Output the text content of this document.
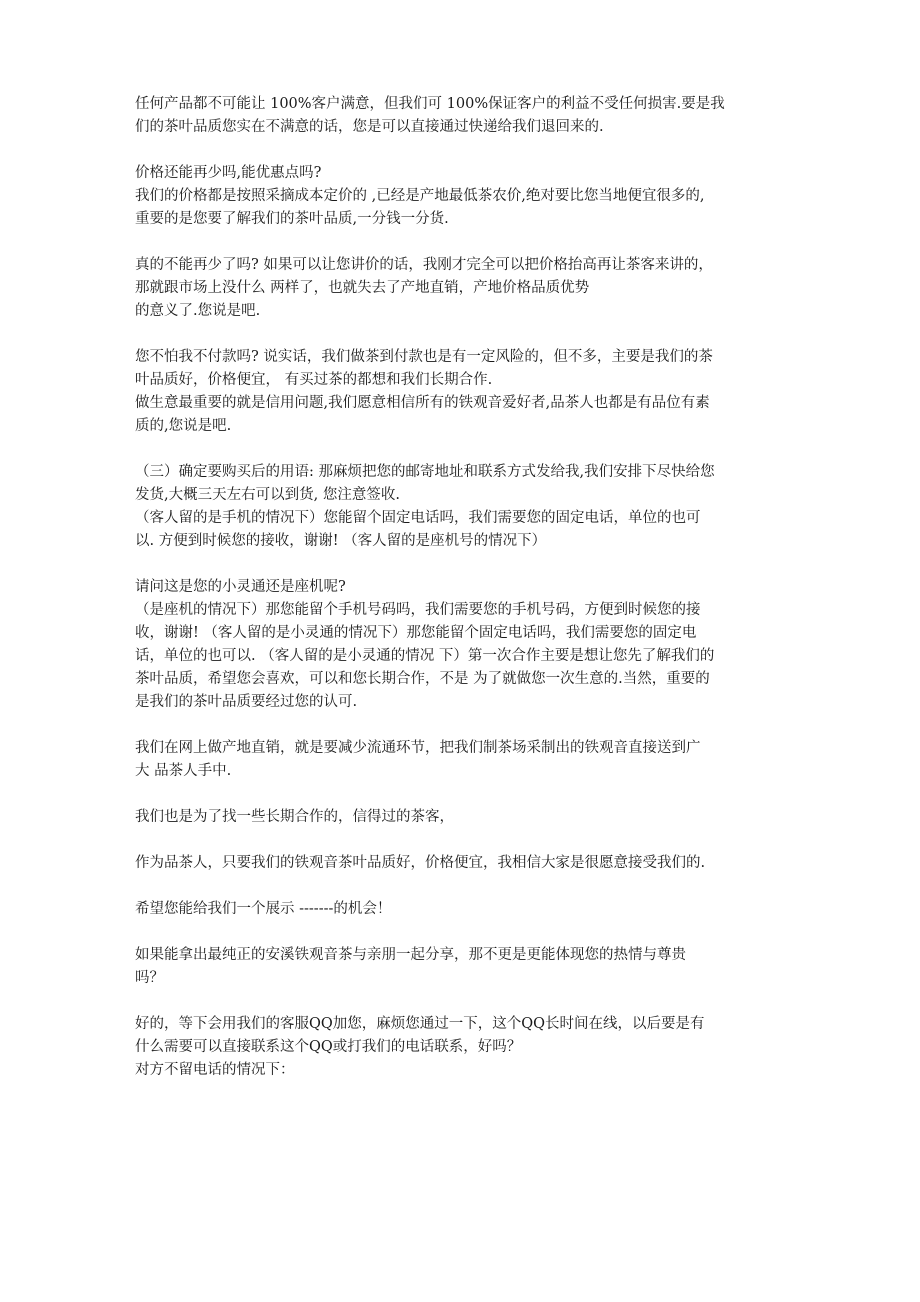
任何产品都不可能让 100%客户满意，但我们可 100%保证客户的利益不受任何损害.要是我
们的茶叶品质您实在不满意的话，您是可以直接通过快递给我们退回来的.
价格还能再少吗,能优惠点吗?
我们的价格都是按照采摘成本定价的 ,已经是产地最低茶农价,绝对要比您当地便宜很多的,
重要的是您要了解我们的茶叶品质,一分钱一分货.
真的不能再少了吗? 如果可以让您讲价的话，我刚才完全可以把价格抬高再让茶客来讲的，
那就跟市场上没什么 两样了，也就失去了产地直销，产地价格品质优势
的意义了.您说是吧.
您不怕我不付款吗? 说实话，我们做茶到付款也是有一定风险的，但不多，主要是我们的茶
叶品质好，价格便宜， 有买过茶的都想和我们长期合作.
做生意最重要的就是信用问题,我们愿意相信所有的铁观音爱好者,品茶人也都是有品位有素
质的,您说是吧.
（三）确定要购买后的用语: 那麻烦把您的邮寄地址和联系方式发给我,我们安排下尽快给您
发货,大概三天左右可以到货, 您注意签收.
（客人留的是手机的情况下）您能留个固定电话吗，我们需要您的固定电话，单位的也可
以. 方便到时候您的接收，谢谢! （客人留的是座机号的情况下）
请问这是您的小灵通还是座机呢?
（是座机的情况下）那您能留个手机号码吗，我们需要您的手机号码，方便到时候您的接
收，谢谢! （客人留的是小灵通的情况下）那您能留个固定电话吗，我们需要您的固定电
话，单位的也可以. （客人留的是小灵通的情况 下）第一次合作主要是想让您先了解我们的
茶叶品质，希望您会喜欢，可以和您长期合作，不是 为了就做您一次生意的.当然，重要的
是我们的茶叶品质要经过您的认可.
我们在网上做产地直销，就是要减少流通环节，把我们制茶场采制出的铁观音直接送到广
大 品茶人手中.
我们也是为了找一些长期合作的，信得过的茶客，
作为品茶人，只要我们的铁观音茶叶品质好，价格便宜，我相信大家是很愿意接受我们的.
希望您能给我们一个展示 -------的机会！
如果能拿出最纯正的安溪铁观音茶与亲朋一起分享，那不更是更能体现您的热情与尊贵
吗？
好的，等下会用我们的客服QQ加您，麻烦您通过一下，这个QQ长时间在线，以后要是有
什么需要可以直接联系这个QQ或打我们的电话联系，好吗？
对方不留电话的情况下：
